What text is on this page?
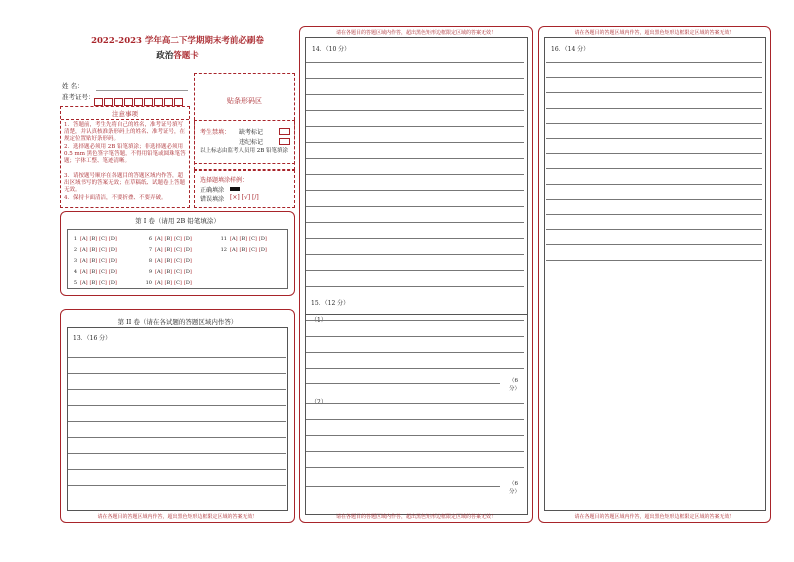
2022-2023 学年高二下学期期末考前必刷卷
政治答题卡
姓 名：
准考证号：	贴条形码区
注意事项
1．答题前，考生先将自己的姓名，准考证号填写清楚，并认真核准条形码上的姓名、准考证号，在规定位置贴好条形码。
2．选择题必须用 2B 铅笔填涂；非选择题必须用 0.5 mm 黑色签字笔答题，不得用铅笔或圆珠笔答题；字体工整、笔迹清晰。
3．请按题号顺序在各题目的答题区域内作答，超出区域书写的答案无效；在草稿纸、试题卷上答题无效。
4．保持卡面清洁，不要折叠、不要弄破。
考生禁填： 缺考标记
违纪标记
以上标志由监考人员用 2B 铅笔填涂
选择题填涂样例：
正确填涂
错误填涂 [×] [√] [/]
第 I 卷（请用 2B 铅笔填涂）
1 [A] [B] [C] [D]
2 [A] [B] [C] [D]
3 [A] [B] [C] [D]
4 [A] [B] [C] [D]
5 [A] [B] [C] [D]
6 [A] [B] [C] [D]
7 [A] [B] [C] [D]
8 [A] [B] [C] [D]
9 [A] [B] [C] [D]
10 [A] [B] [C] [D]
11 [A] [B] [C] [D]
12 [A] [B] [C] [D]
第 II 卷（请在各试题的答题区域内作答）
13．（16 分）
请在各题目的答题区域内作答，超出黑色矩形边框限定区域的答案无效！
请在各题目的答题区域内作答，超出黑色矩形边框限定区域的答案无效！
14．（10 分）
15．（12 分）
（1）
（6 分）
（2）
（6 分）
请在各题目的答题区域内作答，超出黑色矩形边框限定区域的答案无效！
请在各题目的答题区域内作答，超出黑色矩形边框限定区域的答案无效！
16．（14 分）
请在各题目的答题区域内作答，超出黑色矩形边框限定区域的答案无效！
